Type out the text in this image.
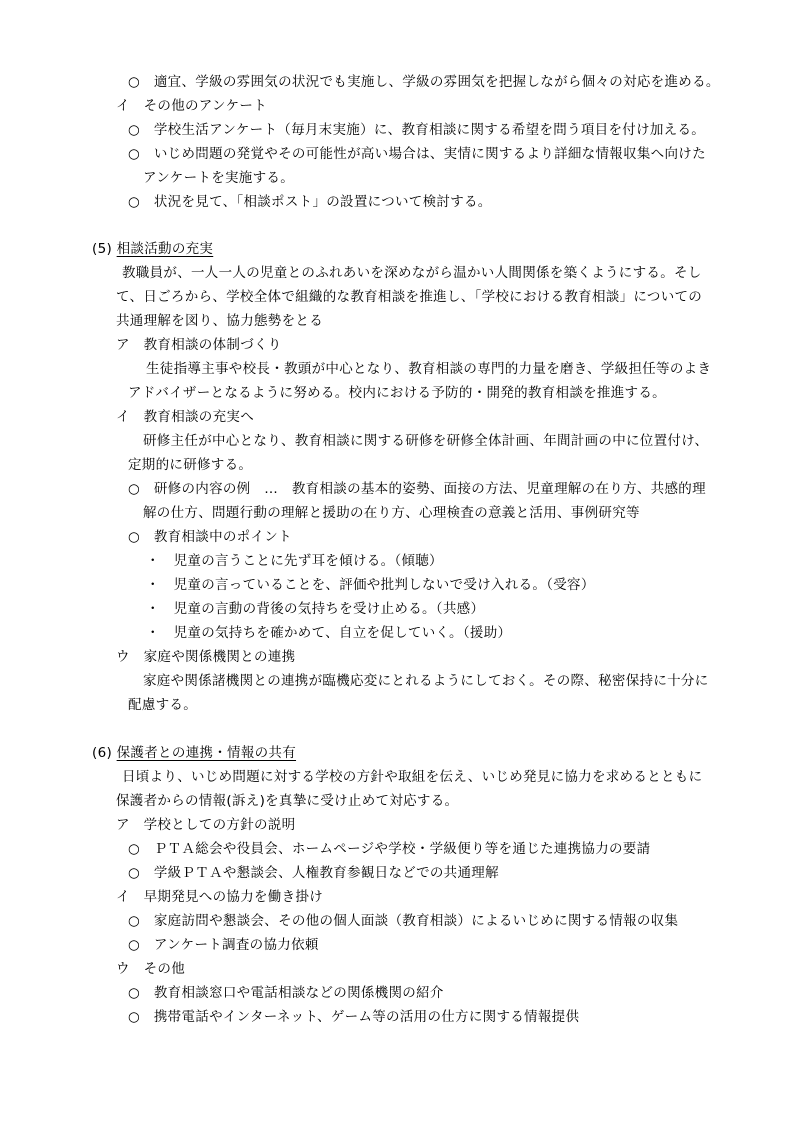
○　適宜、学級の雰囲気の状況でも実施し、学級の雰囲気を把握しながら個々の対応を進める。
イ　その他のアンケート
○　学校生活アンケート（毎月末実施）に、教育相談に関する希望を問う項目を付け加える。
○　いじめ問題の発覚やその可能性が高い場合は、実情に関するより詳細な情報収集へ向けた
アンケートを実施する。
○　状況を見て、「相談ポスト」の設置について検討する。
(5) 相談活動の充実
教職員が、一人一人の児童とのふれあいを深めながら温かい人間関係を築くようにする。そし
て、日ごろから、学校全体で組織的な教育相談を推進し、「学校における教育相談」についての
共通理解を図り、協力態勢をとる
ア　教育相談の体制づくり
生徒指導主事や校長・教頭が中心となり、教育相談の専門的力量を磨き、学級担任等のよき
アドバイザーとなるように努める。校内における予防的・開発的教育相談を推進する。
イ　教育相談の充実へ
研修主任が中心となり、教育相談に関する研修を研修全体計画、年間計画の中に位置付け、
定期的に研修する。
○　研修の内容の例　…　教育相談の基本的姿勢、面接の方法、児童理解の在り方、共感的理
解の仕方、問題行動の理解と援助の在り方、心理検査の意義と活用、事例研究等
○　教育相談中のポイント
・　児童の言うことに先ず耳を傾ける。（傾聴）
・　児童の言っていることを、評価や批判しないで受け入れる。（受容）
・　児童の言動の背後の気持ちを受け止める。（共感）
・　児童の気持ちを確かめて、自立を促していく。（援助）
ウ　家庭や関係機関との連携
家庭や関係諸機関との連携が臨機応変にとれるようにしておく。その際、秘密保持に十分に
配慮する。
(6) 保護者との連携・情報の共有
日頃より、いじめ問題に対する学校の方針や取組を伝え、いじめ発見に協力を求めるとともに
保護者からの情報(訴え)を真摯に受け止めて対応する。
ア　学校としての方針の説明
○　ＰＴＡ総会や役員会、ホームページや学校・学級便り等を通じた連携協力の要請
○　学級ＰＴＡや懇談会、人権教育参観日などでの共通理解
イ　早期発見への協力を働き掛け
○　家庭訪問や懇談会、その他の個人面談（教育相談）によるいじめに関する情報の収集
○　アンケート調査の協力依頼
ウ　その他
○　教育相談窓口や電話相談などの関係機関の紹介
○　携帯電話やインターネット、ゲーム等の活用の仕方に関する情報提供
